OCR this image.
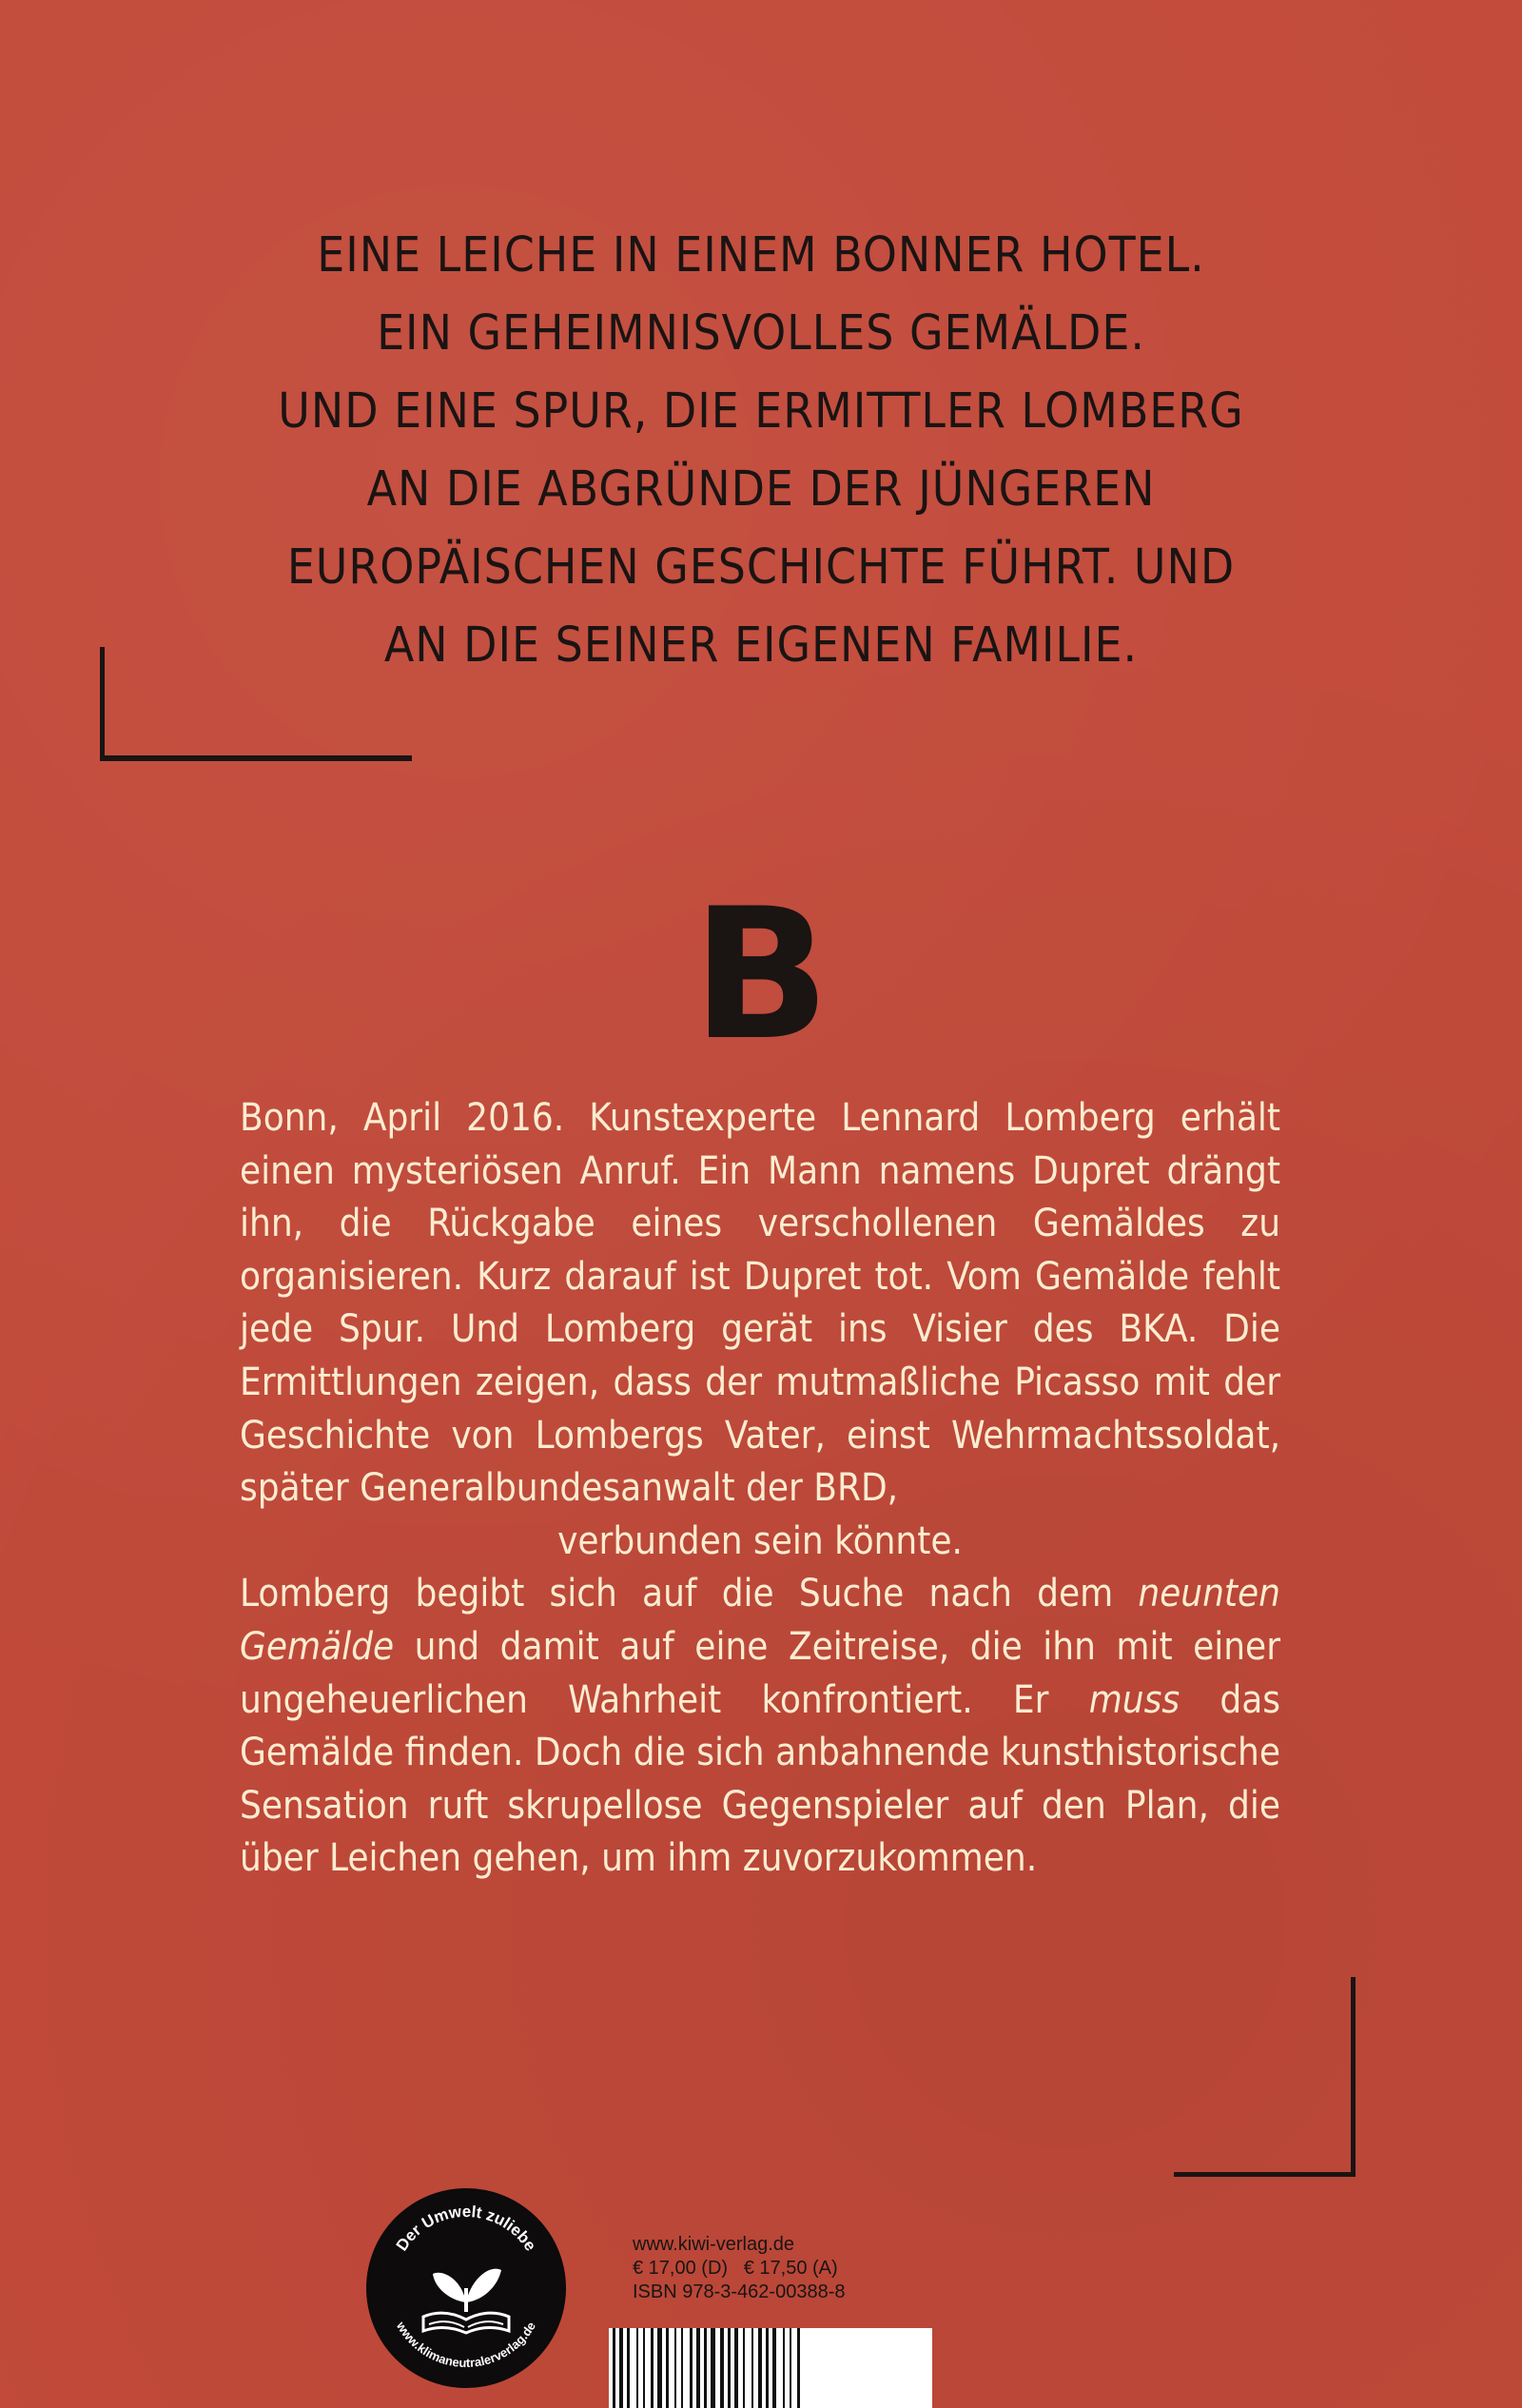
EINE LEICHE IN EINEM BONNER HOTEL.
EIN GEHEIMNISVOLLES GEMÄLDE.
UND EINE SPUR, DIE ERMITTLER LOMBERG
AN DIE ABGRÜNDE DER JÜNGEREN
EUROPÄISCHEN GESCHICHTE FÜHRT. UND
AN DIE SEINER EIGENEN FAMILIE.
B

Bonn, April 2016. Kunstexperte Lennard Lomberg erhält einen mysteriösen Anruf. Ein Mann namens Dupret drängt ihn, die Rückgabe eines verschollenen Gemäldes zu organisieren. Kurz darauf ist Dupret tot. Vom Gemälde fehlt jede Spur. Und Lomberg gerät ins Visier des BKA. Die Ermittlungen zeigen, dass der mutmaßliche Picasso mit der Geschichte von Lombergs Vater, einst Wehrmachtssoldat, später Generalbundesanwalt der BRD,
verbunden sein könnte.

Lomberg begibt sich auf die Suche nach dem neunten Gemälde und damit auf eine Zeitreise, die ihn mit einer ungeheuerlichen Wahrheit konfrontiert. Er muss das Gemälde finden. Doch die sich anbahnende kunsthistorische Sensation ruft skrupellose Gegenspieler auf den Plan, die über Leichen gehen, um ihm zuvorzukommen.

Der Umwelt zuliebe
www.klimaneutralerverlag.de
www.kiwi-verlag.de
€ 17,00 (D)   € 17,50 (A)
ISBN 978-3-462-00388-8
